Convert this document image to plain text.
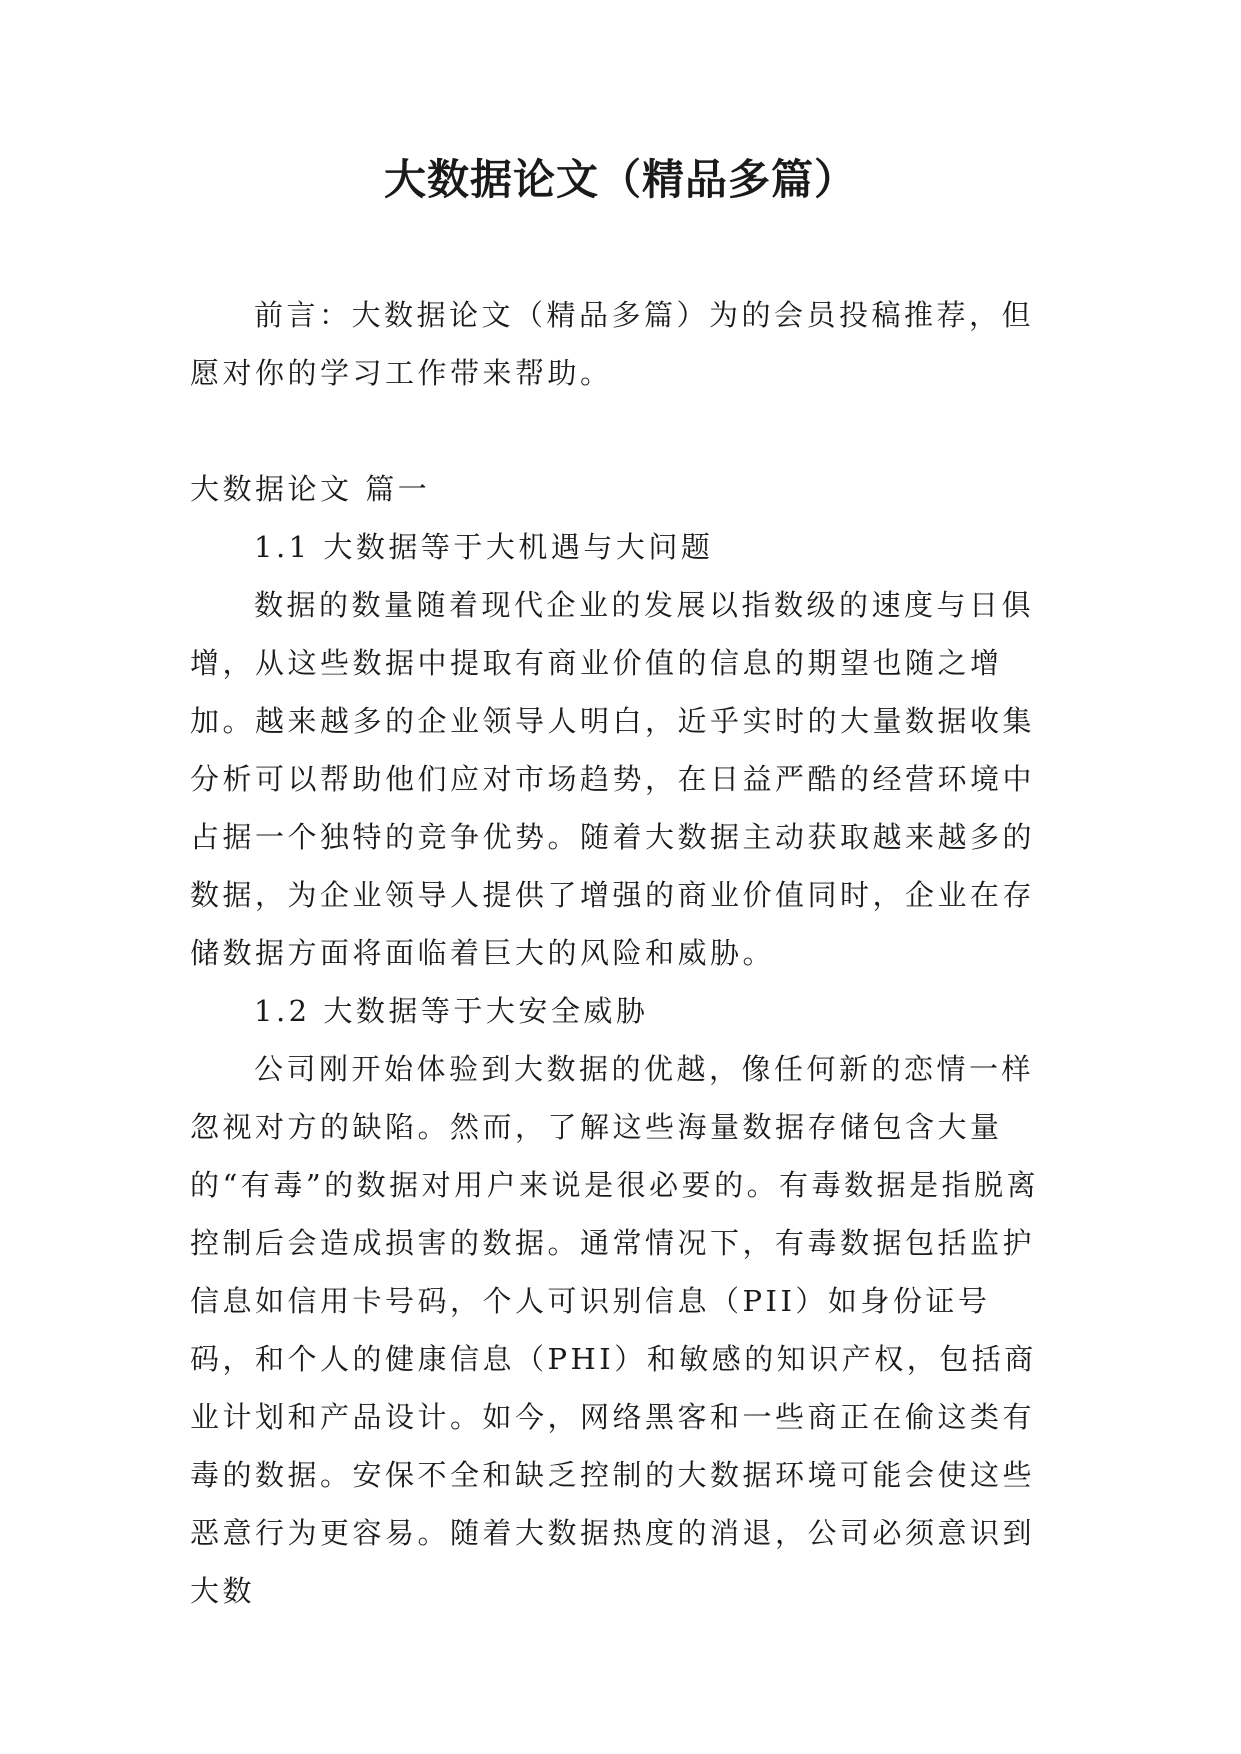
大数据论文（精品多篇）

前言：大数据论文（精品多篇）为的会员投稿推荐，但愿对你的学习工作带来帮助。

大数据论文 篇一

1.1 大数据等于大机遇与大问题

数据的数量随着现代企业的发展以指数级的速度与日俱增，从这些数据中提取有商业价值的信息的期望也随之增加。越来越多的企业领导人明白，近乎实时的大量数据收集分析可以帮助他们应对市场趋势，在日益严酷的经营环境中占据一个独特的竞争优势。随着大数据主动获取越来越多的数据，为企业领导人提供了增强的商业价值同时，企业在存储数据方面将面临着巨大的风险和威胁。

1.2 大数据等于大安全威胁

公司刚开始体验到大数据的优越，像任何新的恋情一样忽视对方的缺陷。然而，了解这些海量数据存储包含大量的“有毒”的数据对用户来说是很必要的。有毒数据是指脱离控制后会造成损害的数据。通常情况下，有毒数据包括监护信息如信用卡号码，个人可识别信息（PII）如身份证号码，和个人的健康信息（PHI）和敏感的知识产权，包括商业计划和产品设计。如今，网络黑客和一些商正在偷这类有毒的数据。安保不全和缺乏控制的大数据环境可能会使这些恶意行为更容易。随着大数据热度的消退，公司必须意识到大数
